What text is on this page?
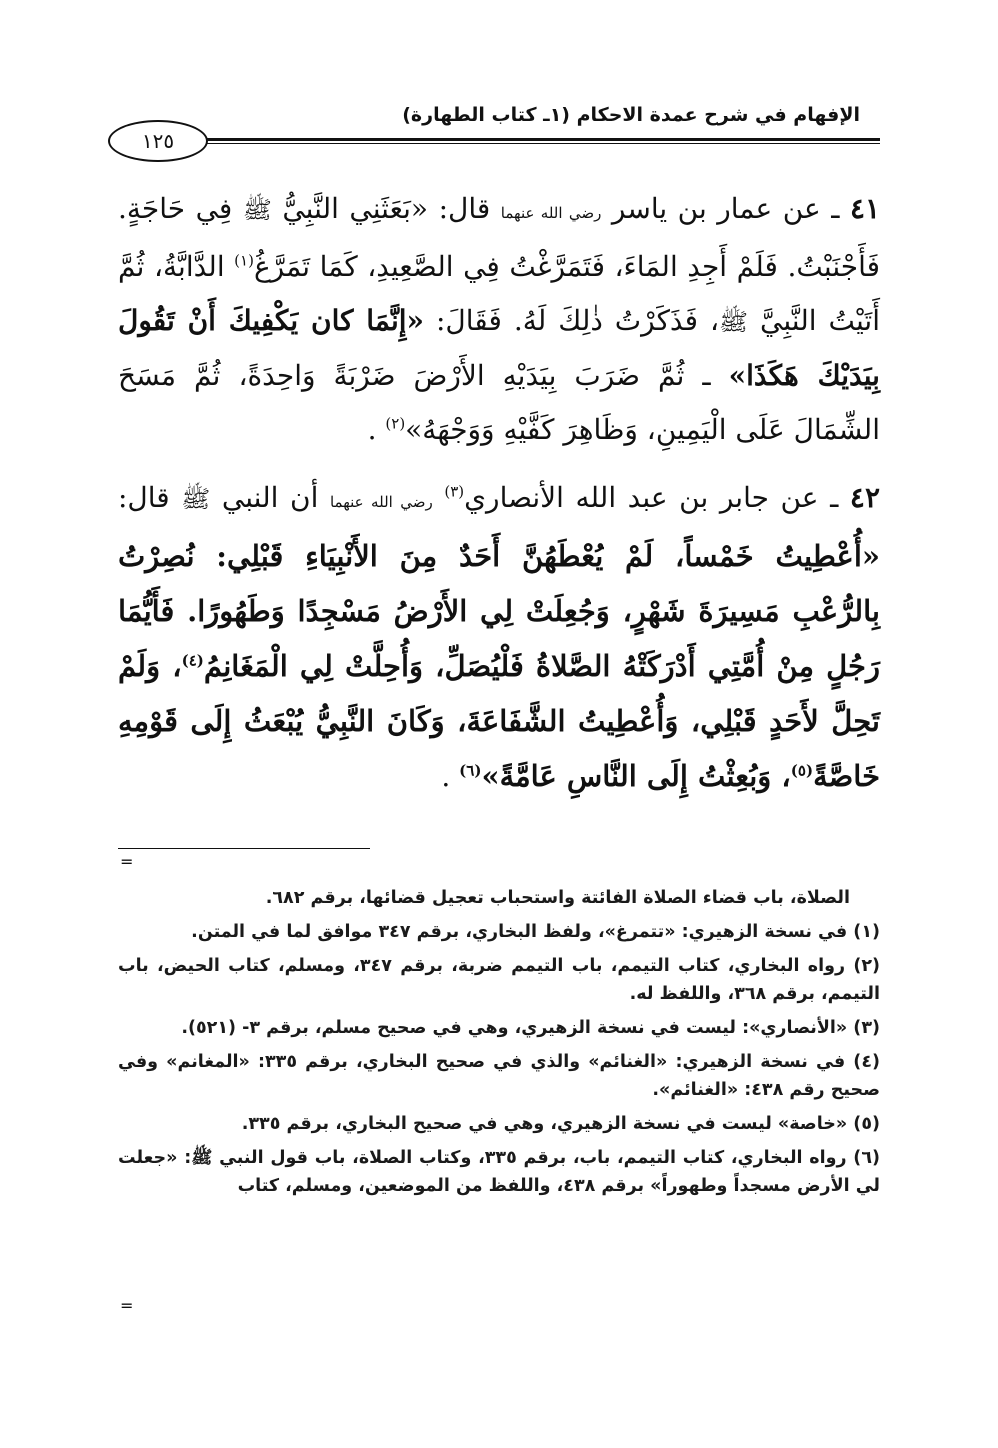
الإفهام في شرح عمدة الاحكام (١ـ كتاب الطهارة)
١٢٥

٤١ ـ عن عمار بن ياسر رضي الله عنهما قال: «بَعَثَنِي النَّبِيُّ ﷺ فِي حَاجَةٍ. فَأَجْنَبْتُ. فَلَمْ أَجِدِ المَاءَ، فَتَمَرَّغْتُ فِي الصَّعِيدِ، كَمَا تَمَرَّغُ$^{(١)}$ الدَّابَّةُ، ثُمَّ أَتَيْتُ النَّبِيَّ ﷺ، فَذَكَرْتُ ذٰلِكَ لَهُ. فَقَالَ: «إِنَّمَا كان يَكْفِيكَ أَنْ تَقُولَ بِيَدَيْكَ هَكَذَا» ـ ثُمَّ ضَرَبَ بِيَدَيْهِ الأَرْضَ ضَرْبَةً وَاحِدَةً، ثُمَّ مَسَحَ الشِّمَالَ عَلَى الْيَمِينِ، وَظَاهِرَ كَفَّيْهِ وَوَجْهَهُ»$^{(٢)}$ .

٤٢ ـ عن جابر بن عبد الله الأنصاري$^{(٣)}$ رضي الله عنهما أن النبي ﷺ قال: «أُعْطِيتُ خَمْساً، لَمْ يُعْطَهُنَّ أَحَدٌ مِنَ الأَنْبِيَاءِ قَبْلِي: نُصِرْتُ بِالرُّعْبِ مَسِيرَةَ شَهْرٍ، وَجُعِلَتْ لِي الأَرْضُ مَسْجِدًا وَطَهُورًا. فَأَيُّمَا رَجُلٍ مِنْ أُمَّتِي أَدْرَكَتْهُ الصَّلاةُ فَلْيُصَلِّ، وَأُحِلَّتْ لِي الْمَغَانِمُ$^{(٤)}$، وَلَمْ تَحِلَّ لأَحَدٍ قَبْلِي، وَأُعْطِيتُ الشَّفَاعَةَ، وَكَانَ النَّبِيُّ يُبْعَثُ إِلَى قَوْمِهِ خَاصَّةً$^{(٥)}$، وَبُعِثْتُ إِلَى النَّاسِ عَامَّةً»$^{(٦)}$ .

=

الصلاة، باب قضاء الصلاة الفائتة واستحباب تعجيل قضائها، برقم ٦٨٢.

(١) في نسخة الزهيري: «تتمرغ»، ولفظ البخاري، برقم ٣٤٧ موافق لما في المتن.

(٢) رواه البخاري، كتاب التيمم، باب التيمم ضربة، برقم ٣٤٧، ومسلم، كتاب الحيض، باب التيمم، برقم ٣٦٨، واللفظ له.

(٣) «الأنصاري»: ليست في نسخة الزهيري، وهي في صحيح مسلم، برقم ٣- (٥٢١).

(٤) في نسخة الزهيري: «الغنائم» والذي في صحيح البخاري، برقم ٣٣٥: «المغانم» وفي صحيح رقم ٤٣٨: «الغنائم».

(٥) «خاصة» ليست في نسخة الزهيري، وهي في صحيح البخاري، برقم ٣٣٥.

(٦) رواه البخاري، كتاب التيمم، باب، برقم ٣٣٥، وكتاب الصلاة، باب قول النبي ﷺ: «جعلت لي الأرض مسجداً وطهوراً» برقم ٤٣٨، واللفظ من الموضعين، ومسلم، كتاب

=
